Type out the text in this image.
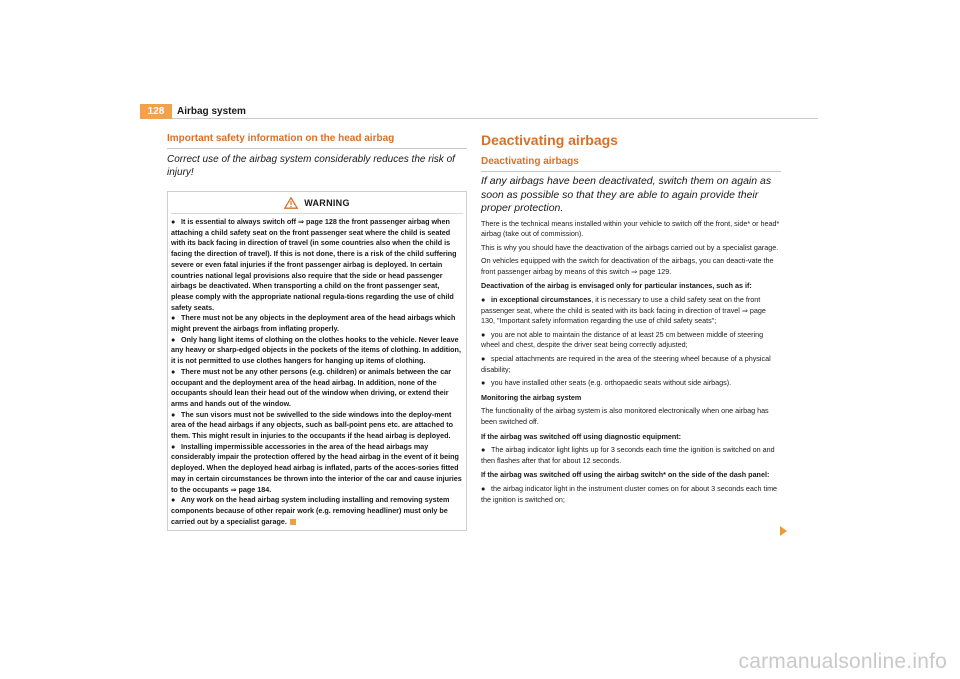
128	Airbag system
Important safety information on the head airbag
Correct use of the airbag system considerably reduces the risk of injury!
WARNING
● It is essential to always switch off ⇒ page 128 the front passenger airbag when attaching a child safety seat on the front passenger seat where the child is seated with its back facing in direction of travel (in some countries also when the child is facing the direction of travel). If this is not done, there is a risk of the child suffering severe or even fatal injuries if the front passenger airbag is deployed. In certain countries national legal provisions also require that the side or head passenger airbags be deactivated. When transporting a child on the front passenger seat, please comply with the appropriate national regula-tions regarding the use of child safety seats.
● There must not be any objects in the deployment area of the head airbags which might prevent the airbags from inflating properly.
● Only hang light items of clothing on the clothes hooks to the vehicle. Never leave any heavy or sharp-edged objects in the pockets of the items of clothing. In addition, it is not permitted to use clothes hangers for hanging up items of clothing.
● There must not be any other persons (e.g. children) or animals between the car occupant and the deployment area of the head airbag. In addition, none of the occupants should lean their head out of the window when driving, or extend their arms and hands out of the window.
● The sun visors must not be swivelled to the side windows into the deploy-ment area of the head airbags if any objects, such as ball-point pens etc. are attached to them. This might result in injuries to the occupants if the head airbag is deployed.
● Installing impermissible accessories in the area of the head airbags may considerably impair the protection offered by the head airbag in the event of it being deployed. When the deployed head airbag is inflated, parts of the acces-sories fitted may in certain circumstances be thrown into the interior of the car and cause injuries to the occupants ⇒ page 184.
● Any work on the head airbag system including installing and removing system components because of other repair work (e.g. removing headliner) must only be carried out by a specialist garage.
Deactivating airbags
Deactivating airbags
If any airbags have been deactivated, switch them on again as soon as possible so that they are able to again provide their proper protection.
There is the technical means installed within your vehicle to switch off the front, side* or head* airbag (take out of commission).
This is why you should have the deactivation of the airbags carried out by a specialist garage.
On vehicles equipped with the switch for deactivation of the airbags, you can deacti-vate the front passenger airbag by means of this switch ⇒ page 129.
Deactivation of the airbag is envisaged only for particular instances, such as if:
● in exceptional circumstances, it is necessary to use a child safety seat on the front passenger seat, where the child is seated with its back facing in direction of travel ⇒ page 130, "Important safety information regarding the use of child safety seats";
● you are not able to maintain the distance of at least 25 cm between middle of steering wheel and chest, despite the driver seat being correctly adjusted;
● special attachments are required in the area of the steering wheel because of a physical disability;
● you have installed other seats (e.g. orthopaedic seats without side airbags).
Monitoring the airbag system
The functionality of the airbag system is also monitored electronically when one airbag has been switched off.
If the airbag was switched off using diagnostic equipment:
● The airbag indicator light lights up for 3 seconds each time the ignition is switched on and then flashes after that for about 12 seconds.
If the airbag was switched off using the airbag switch* on the side of the dash panel:
● the airbag indicator light in the instrument cluster comes on for about 3 seconds each time the ignition is switched on;
carmanualsonline.info
